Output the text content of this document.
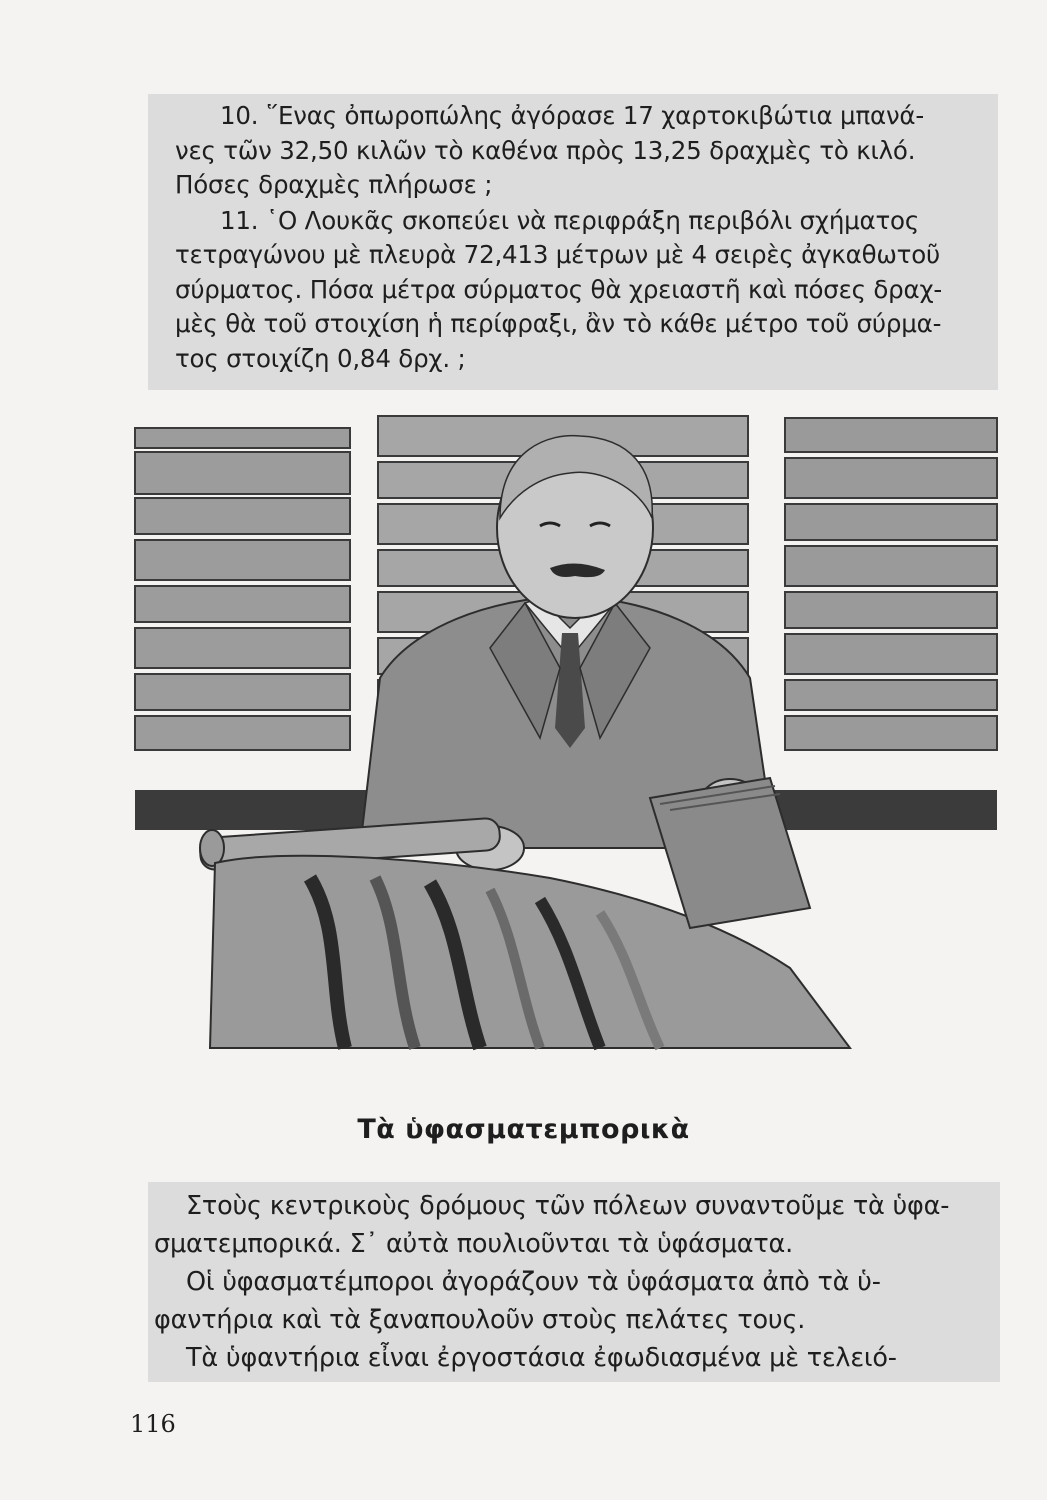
10. ῞Ενας ὀπωροπώλης ἀγόρασε 17 χαρτοκιβώτια μπανά-
νες τῶν 32,50 κιλῶν τὸ καθένα πρὸς 13,25 δραχμὲς τὸ κιλό.
Πόσες δραχμὲς πλήρωσε ;
11. ῾Ο Λουκᾶς σκοπεύει νὰ περιφράξη περιβόλι σχήματος
τετραγώνου μὲ πλευρὰ 72,413 μέτρων μὲ 4 σειρὲς ἀγκαθωτοῦ
σύρματος. Πόσα μέτρα σύρματος θὰ χρειαστῆ καὶ πόσες δραχ-
μὲς θὰ τοῦ στοιχίση ἡ περίφραξι, ἂν τὸ κάθε μέτρο τοῦ σύρμα-
τος στοιχίζη 0,84 δρχ. ;
Τὰ ὑφασματεμπορικὰ
Στοὺς κεντρικοὺς δρόμους τῶν πόλεων συναντοῦμε τὰ ὑφα-
σματεμπορικά. Σ᾿ αὐτὰ πουλιοῦνται τὰ ὑφάσματα.
Οἱ ὑφασματέμποροι ἀγοράζουν τὰ ὑφάσματα ἀπὸ τὰ ὑ-
φαντήρια καὶ τὰ ξαναπουλοῦν στοὺς πελάτες τους.
Τὰ ὑφαντήρια εἶναι ἐργοστάσια ἐφωδιασμένα μὲ τελειό-
116
